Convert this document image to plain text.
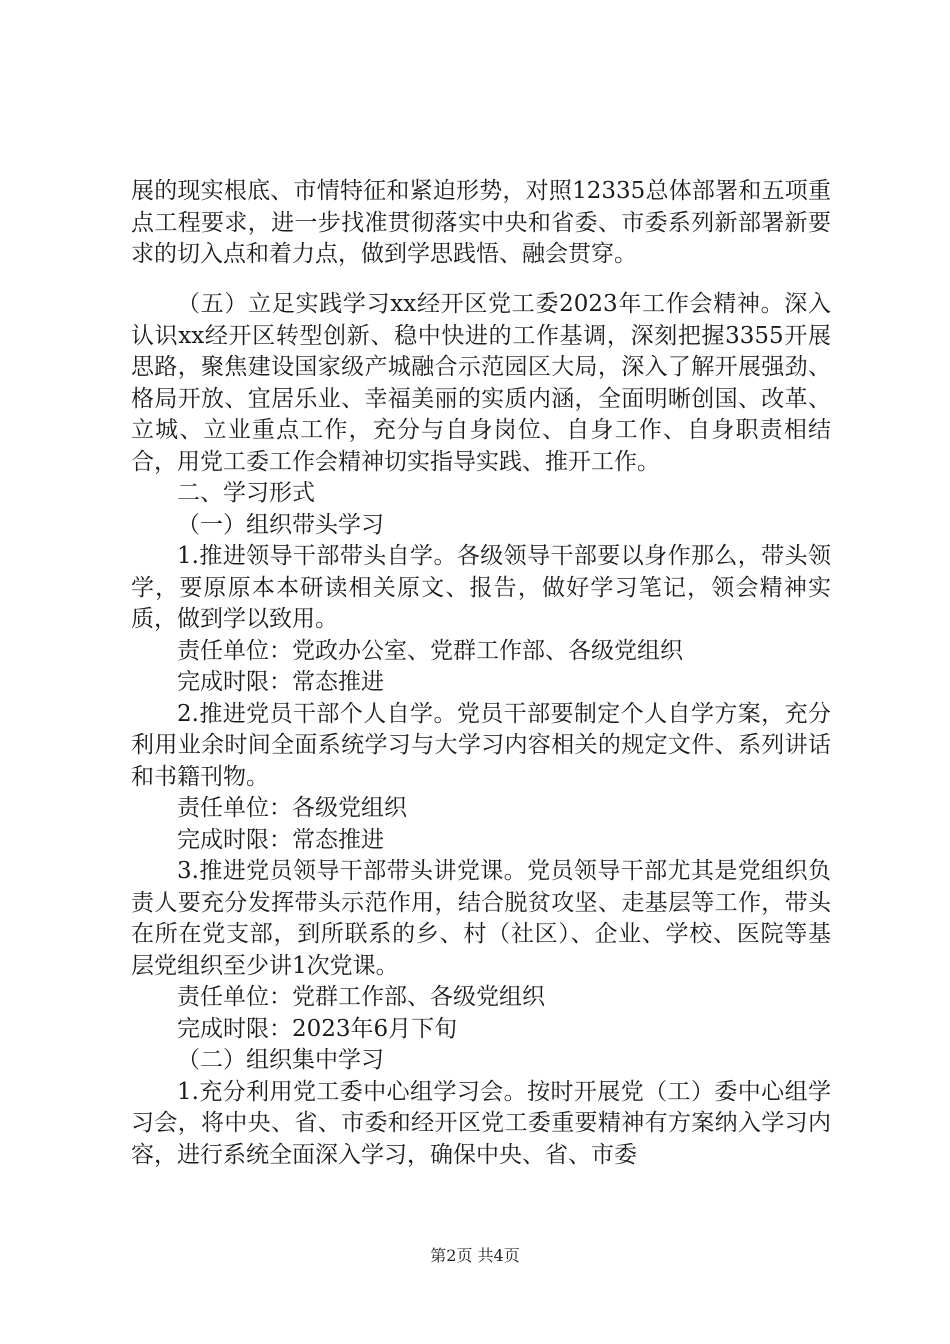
展的现实根底、市情特征和紧迫形势，对照12335总体部署和五项重点工程要求，进一步找准贯彻落实中央和省委、市委系列新部署新要求的切入点和着力点，做到学思践悟、融会贯穿。

（五）立足实践学习xx经开区党工委2023年工作会精神。深入认识xx经开区转型创新、稳中快进的工作基调，深刻把握3355开展思路，聚焦建设国家级产城融合示范园区大局，深入了解开展强劲、格局开放、宜居乐业、幸福美丽的实质内涵，全面明晰创国、改革、立城、立业重点工作，充分与自身岗位、自身工作、自身职责相结合，用党工委工作会精神切实指导实践、推开工作。

二、学习形式

（一）组织带头学习

1.推进领导干部带头自学。各级领导干部要以身作那么，带头领学，要原原本本研读相关原文、报告，做好学习笔记，领会精神实质，做到学以致用。

责任单位：党政办公室、党群工作部、各级党组织

完成时限：常态推进

2.推进党员干部个人自学。党员干部要制定个人自学方案，充分利用业余时间全面系统学习与大学习内容相关的规定文件、系列讲话和书籍刊物。

责任单位：各级党组织

完成时限：常态推进

3.推进党员领导干部带头讲党课。党员领导干部尤其是党组织负责人要充分发挥带头示范作用，结合脱贫攻坚、走基层等工作，带头在所在党支部，到所联系的乡、村（社区）、企业、学校、医院等基层党组织至少讲1次党课。

责任单位：党群工作部、各级党组织

完成时限：2023年6月下旬

（二）组织集中学习

1.充分利用党工委中心组学习会。按时开展党（工）委中心组学习会，将中央、省、市委和经开区党工委重要精神有方案纳入学习内容，进行系统全面深入学习，确保中央、省、市委

第2页 共4页
